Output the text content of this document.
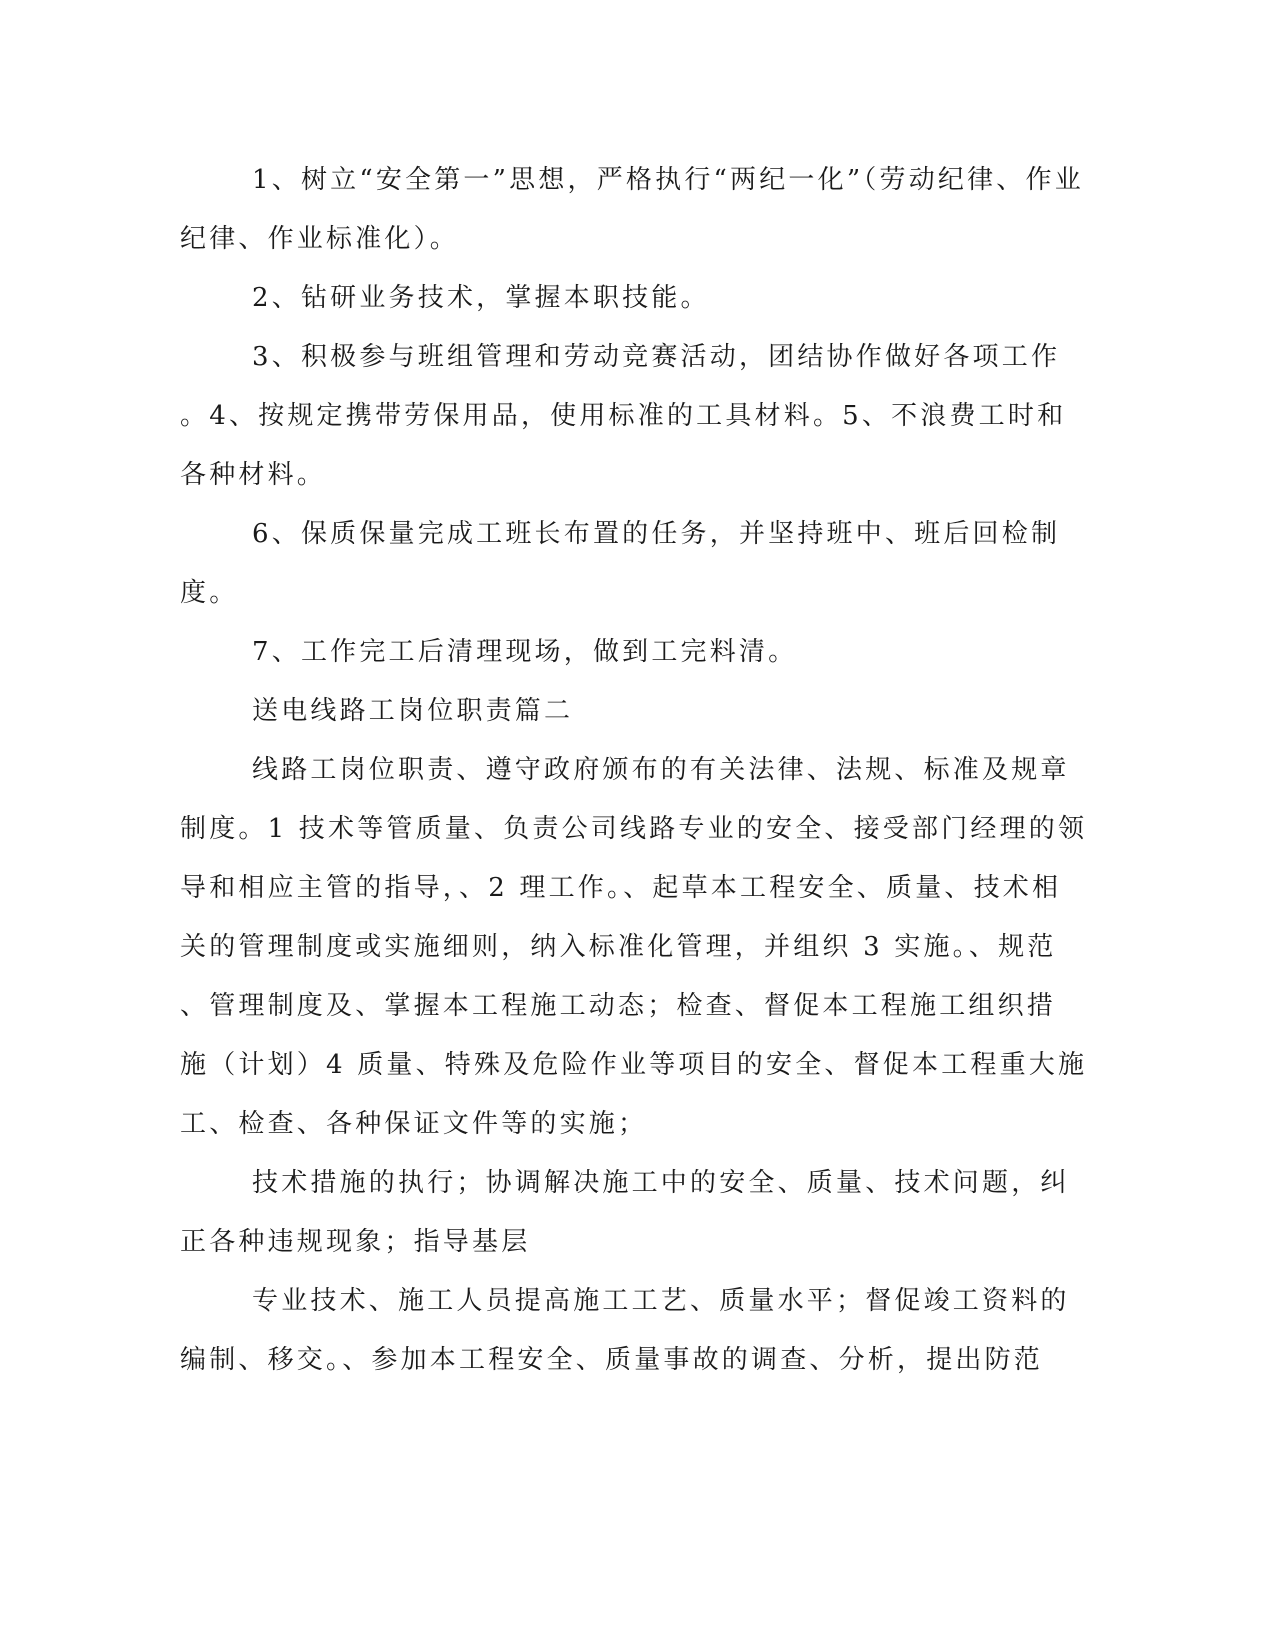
1、树立“安全第一”思想，严格执行“两纪一化”（劳动纪律、作业
纪律、作业标准化）。
2、钻研业务技术，掌握本职技能。
3、积极参与班组管理和劳动竞赛活动，团结协作做好各项工作
。4、按规定携带劳保用品，使用标准的工具材料。5、不浪费工时和
各种材料。
6、保质保量完成工班长布置的任务，并坚持班中、班后回检制
度。
7、工作完工后清理现场，做到工完料清。
送电线路工岗位职责篇二
线路工岗位职责、遵守政府颁布的有关法律、法规、标准及规章
制度。1 技术等管质量、负责公司线路专业的安全、接受部门经理的领
导和相应主管的指导，、2 理工作。、起草本工程安全、质量、技术相
关的管理制度或实施细则，纳入标准化管理，并组织 3 实施。、规范
、管理制度及、掌握本工程施工动态；检查、督促本工程施工组织措
施（计划）4 质量、特殊及危险作业等项目的安全、督促本工程重大施
工、检查、各种保证文件等的实施；
技术措施的执行；协调解决施工中的安全、质量、技术问题，纠
正各种违规现象；指导基层
专业技术、施工人员提高施工工艺、质量水平；督促竣工资料的
编制、移交。、参加本工程安全、质量事故的调查、分析，提出防范
